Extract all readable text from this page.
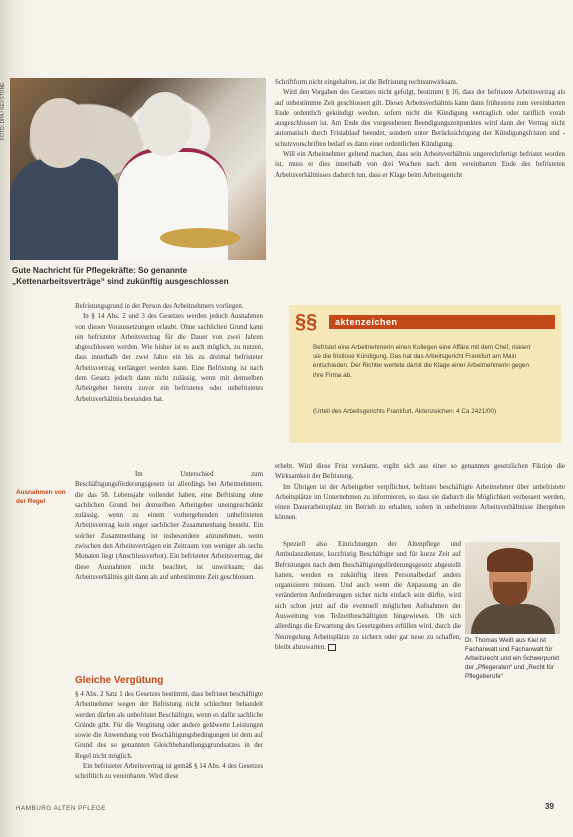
FOTO: DPA / KEYSTONE
Gute Nachricht für Pflegekräfte: So genannte „Kettenarbeitsverträge“ sind zukünftig ausgeschlossen

Schriftform nicht eingehalten, ist die Befristung rechtsunwirksam.

Wird den Vorgaben des Gesetzes nicht gefolgt, bestimmt § 16, dass der befristete Arbeitsvertrag als auf unbestimmte Zeit geschlossen gilt. Dieses Arbeitsverhältnis kann dann frühestens zum vereinbarten Ende ordentlich gekündigt werden, sofern nicht die Kündigung vertraglich oder tariflich vorab ausgeschlossen ist. Am Ende des vorgesehenen Beendigungszeitpunktes wird dann der Vertrag nicht automatisch durch Fristablauf beendet, sondern unter Berücksichtigung der Kündigungsfristen und -schutzvorschriften bedarf es dann einer ordentlichen Kündigung.

Will ein Arbeitnehmer geltend machen, dass sein Arbeitsverhältnis ungerechtfertigt befristet worden ist, muss er dies innerhalb von drei Wochen nach dem vereinbarten Ende des befristeten Arbeitsverhältnisses dadurch tun, dass er Klage beim Arbeitsgericht

Befristungsgrund in der Person des Arbeitnehmers vorliegen.

In § 14 Abs. 2 und 3 des Gesetzes werden jedoch Ausnahmen von diesen Voraussetzungen erlaubt. Ohne sachlichen Grund kann ein befristeter Arbeitsvertrag für die Dauer von zwei Jahren abgeschlossen werden. Wie bisher ist es auch möglich, zu nutzen, dass innerhalb der zwei Jahre ein bis zu dreimal befristeter Arbeitsvertrag verlängert werden kann. Eine Befristung ist nach dem Gesetz jedoch dann nicht zulässig, wenn mit demselben Arbeitgeber bereits zuvor ein befristetes oder unbefristetes Arbeitsverhältnis bestanden hat.

Ausnahmen von der Regel

Im Unterschied zum Beschäftigungsförderungsgesetz ist allerdings bei Arbeitnehmern, die das 58. Lebensjahr vollendet haben, eine Befristung ohne sachlichen Grund bei demselben Arbeitgeber uneingeschränkt zulässig, wenn zu einem vorhergehenden unbefristeten Arbeitsvertrag kein enger sachlicher Zusammenhang besteht. Ein solcher Zusammenhang ist insbesondere anzunehmen, wenn zwischen den Arbeitsverträgen ein Zeitraum von weniger als sechs Monaten liegt (Anschlussverbot). Ein befristeter Arbeitsvertrag, der diese Ausnahmen nicht beachtet, ist unwirksam; das Arbeitsverhältnis gilt dann als auf unbestimmte Zeit geschlossen.

Gleiche Vergütung

§ 4 Abs. 2 Satz 1 des Gesetzes bestimmt, dass befristet beschäftigte Arbeitnehmer wegen der Befristung nicht schlechter behandelt werden dürfen als unbefristet Beschäftigte, wenn es dafür sachliche Gründe gibt. Für die Vergütung oder andere geldwerte Leistungen sowie die Anwendung von Beschäftigungsbedingungen ist dem auf Grund des so genannten Gleichbehandlungsgrundsatzes in der Regel nicht möglich.

Ein befristeter Arbeitsvertrag ist gemäß § 14 Abs. 4 des Gesetzes schriftlich zu vereinbaren. Wird diese

§§	aktenzeichen
Befristet eine Arbeitnehmerin einen Kollegen eine Affäre mit dem Chef, riskiert sie die fristlose Kündigung. Das hat das Arbeitsgericht Frankfurt am Main entschieden. Der Richter wertete damit die Klage einer Arbeitnehmerin gegen ihre Firma ab.
(Urteil des Arbeitsgerichts Frankfurt, Aktenzeichen: 4 Ca 2421/00)

erhebt. Wird diese Frist versäumt, ergibt sich aus einer so genannten gesetzlichen Fiktion die Wirksamkeit der Befristung.

Im Übrigen ist der Arbeitgeber verpflichtet, befristet beschäftigte Arbeitnehmer über unbefristete Arbeitsplätze im Unternehmen zu informieren, so dass sie dadurch die Möglichkeit verbessert werden, einen Dauerarbeitsplatz im Betrieb zu erhalten, sofern in unbefristete Arbeitsverhältnisse übergehen können.

Speziell also Einrichtungen der Altenpflege und Ambulanzdienste, kurzfristig Beschäftigte und für kurze Zeit auf Befristungen nach dem Beschäftigungsförderungsgesetz abgestellt hatten, werden es zukünftig ihren Personalbedarf anders organisieren müssen. Und auch wenn die Anpassung an die veränderten Anforderungen sicher nicht einfach sein dürfte, wird sich schon jetzt auf die eventuell möglichen Aufnahmen der Ausweitung von Teilzeitbeschäftigten hingewiesen. Ob sich allerdings die Erwartung des Gesetzgebers erfüllen wird, durch die Neuregelung Arbeitsplätze zu sichern oder gar neue zu schaffen, bleibt abzuwarten.

Dr. Thomas Weiß aus Kiel ist Fachanwalt und Fachanwalt für Arbeitsrecht und ein Schwerpunkt der „Pflegeraten“ und „Recht für Pflegeberufe“
HAMBURG ALTEN PFLEGE	39
